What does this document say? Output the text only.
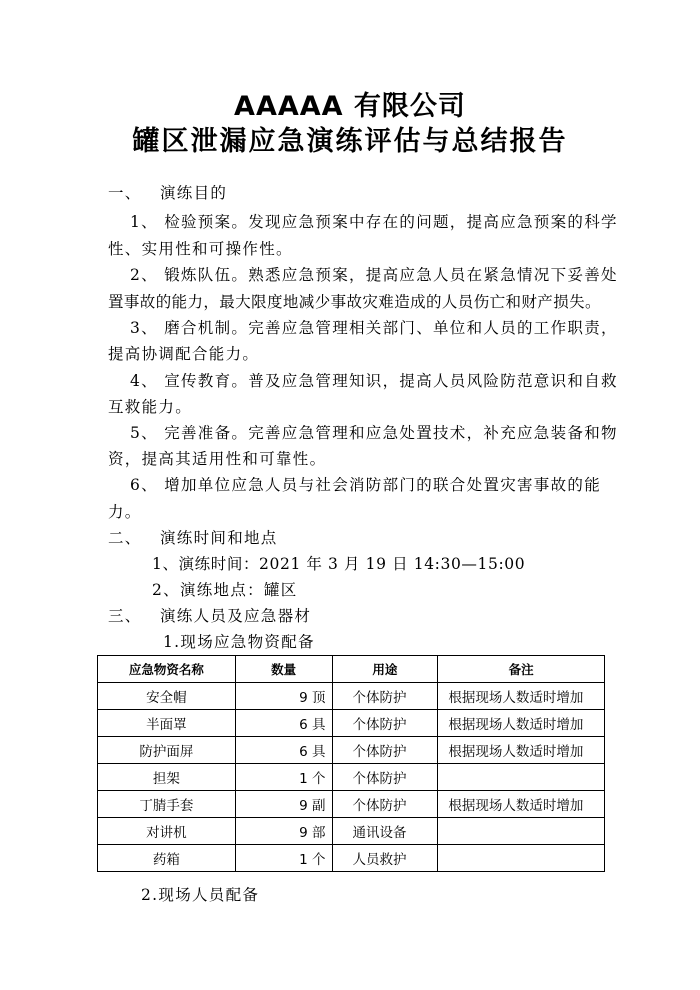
AAAAA 有限公司
罐区泄漏应急演练评估与总结报告
一、 演练目的
1、 检验预案。发现应急预案中存在的问题，提高应急预案的科学
性、实用性和可操作性。
2、 锻炼队伍。熟悉应急预案，提高应急人员在紧急情况下妥善处
置事故的能力，最大限度地减少事故灾难造成的人员伤亡和财产损失。
3、 磨合机制。完善应急管理相关部门、单位和人员的工作职责，
提高协调配合能力。
4、 宣传教育。普及应急管理知识，提高人员风险防范意识和自救
互救能力。
5、 完善准备。完善应急管理和应急处置技术，补充应急装备和物
资，提高其适用性和可靠性。
6、 增加单位应急人员与社会消防部门的联合处置灾害事故的能
力。
二、 演练时间和地点
1、演练时间：2021 年 3 月 19 日 14:30—15:00
2、演练地点：罐区
三、 演练人员及应急器材
1.现场应急物资配备
应急物资名称	数量	用途	备注
安全帽	9 顶	个体防护	根据现场人数适时增加
半面罩	6 具	个体防护	根据现场人数适时增加
防护面屏	6 具	个体防护	根据现场人数适时增加
担架	1 个	个体防护	
丁腈手套	9 副	个体防护	根据现场人数适时增加
对讲机	9 部	通讯设备	
药箱	1 个	人员救护	
2.现场人员配备
